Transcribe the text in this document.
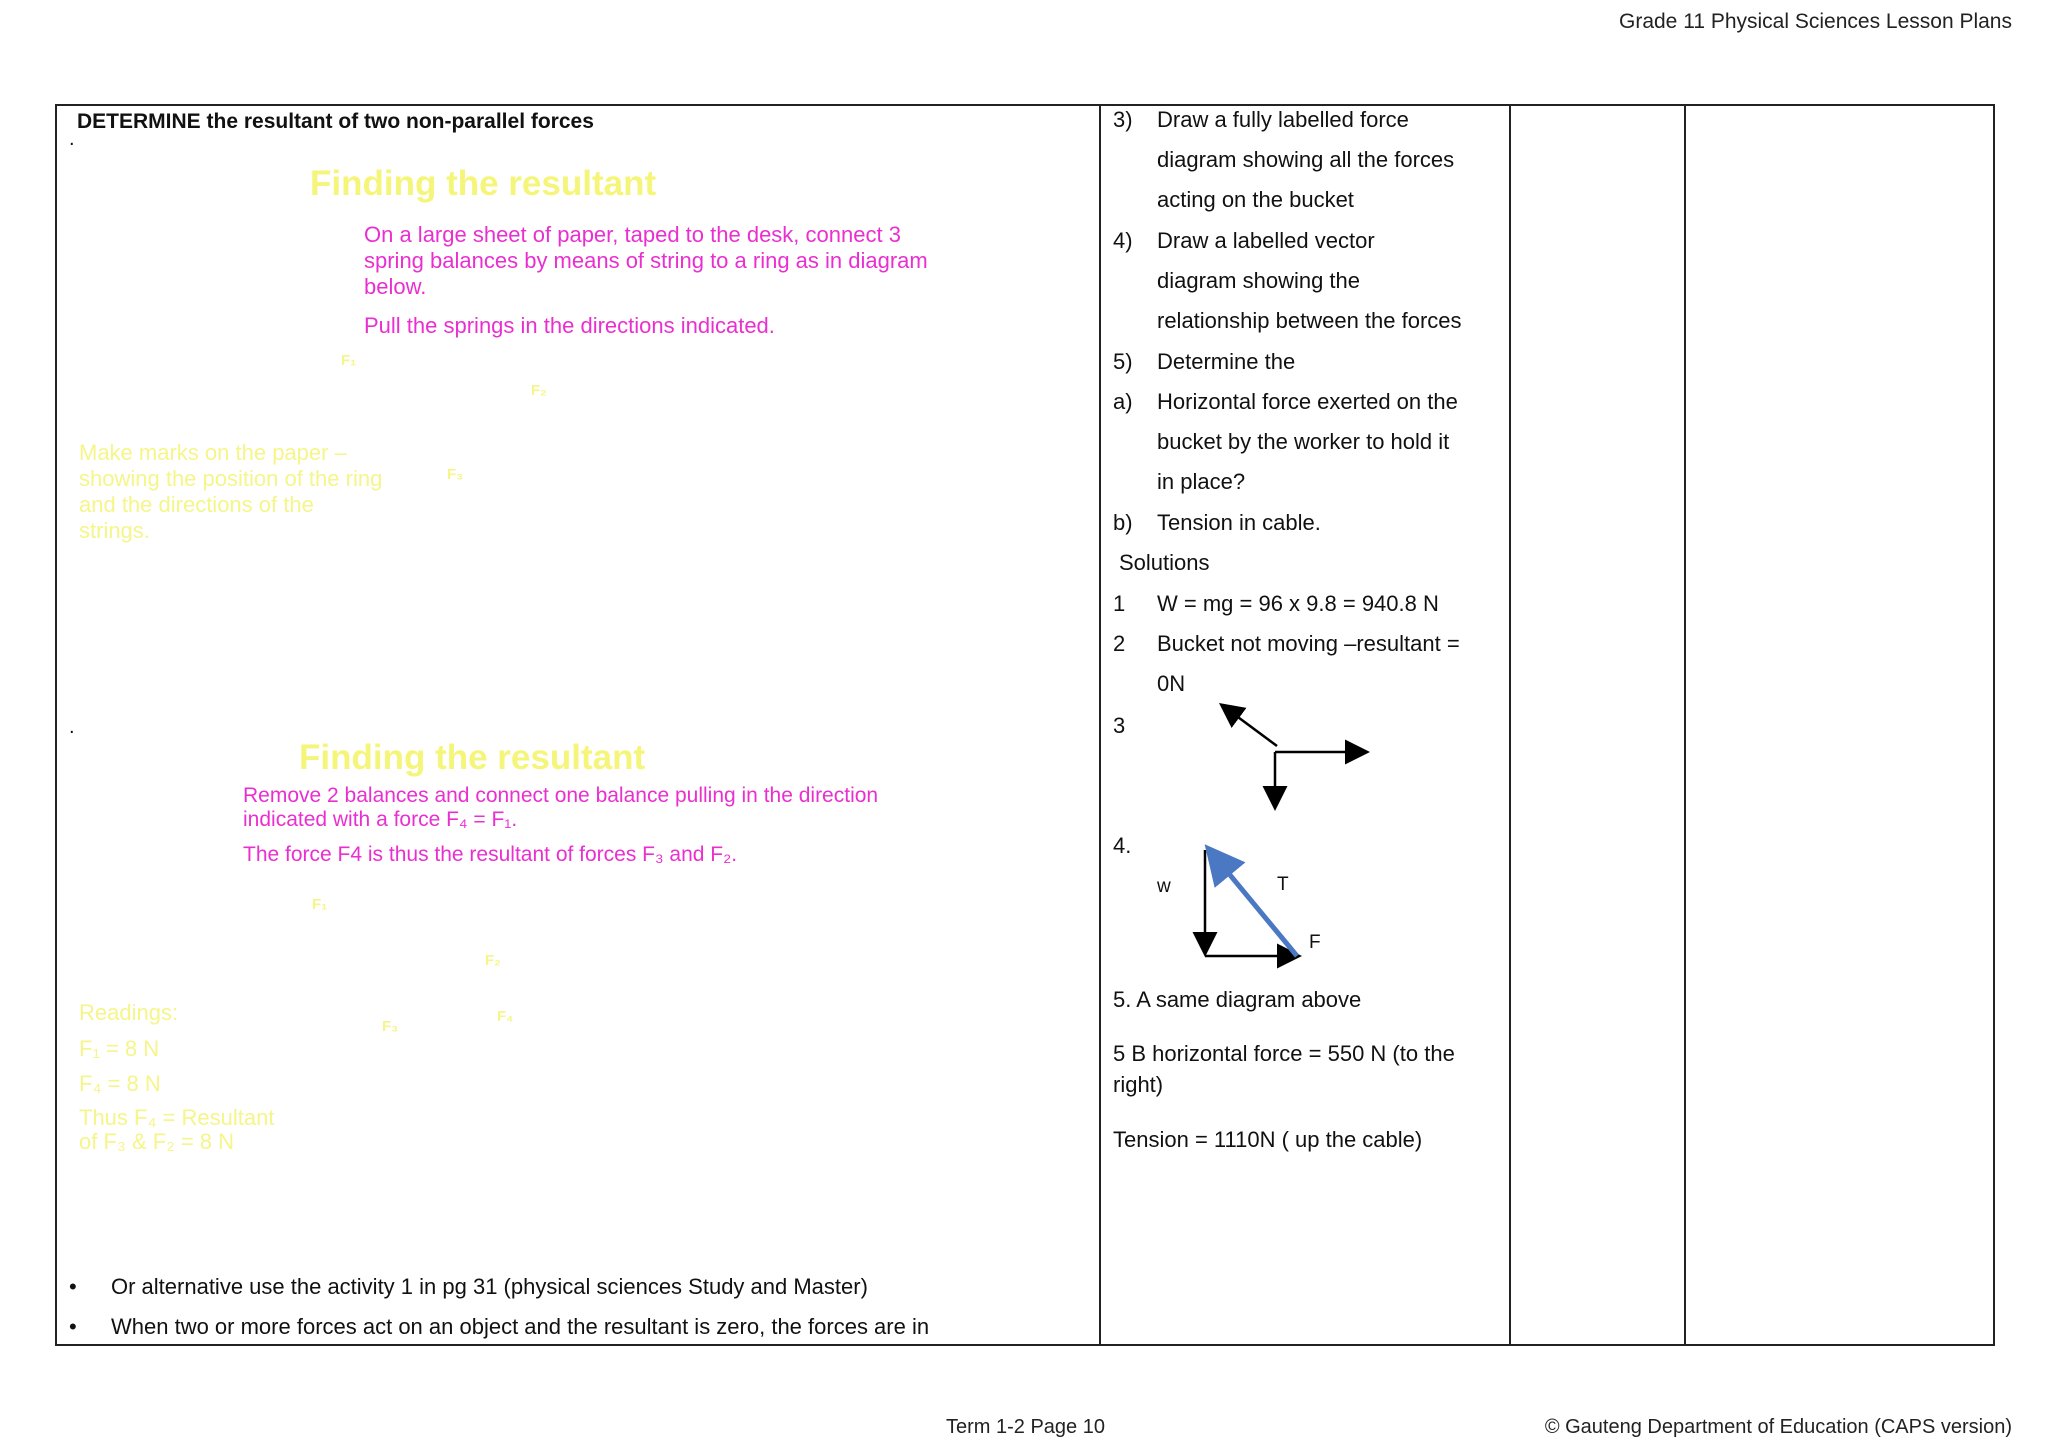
Grade 11 Physical Sciences Lesson Plans
DETERMINE the resultant of two non-parallel forces
.
Finding the resultant
On a large sheet of paper, taped to the desk, connect 3 spring balances by means of string to a ring as in diagram below.
Pull the springs in the directions indicated.
F₁
F₂
F₃
Make marks on the paper – showing the position of the ring and the directions of the strings.
.
Finding the resultant
Remove 2 balances and connect one balance pulling in the direction indicated with a force F₄ = F₁.
The force F4 is thus the resultant of forces F₃ and F₂.
F₁
F₂
F₃
F₄
Readings:
F₁ = 8 N
F₄ = 8 N
Thus F₄ = Resultant of F₃ & F₂ = 8 N
• Or alternative use the activity 1 in pg 31 (physical sciences Study and Master)
• When two or more forces act on an object and the resultant is zero, the forces are in
3) Draw a fully labelled force
diagram showing all the forces
acting on the bucket
4) Draw a labelled vector
diagram showing the
relationship between the forces
5) Determine the
a) Horizontal force exerted on the
bucket by the worker to hold it
in place?
b) Tension in cable.
Solutions
1 W = mg = 96 x 9.8 = 940.8 N
2 Bucket not moving –resultant =
0N
3
4.
w	T
F
5. A same diagram above
5 B horizontal force = 550 N (to the right)
Tension = 1110N ( up the cable)
Term 1-2 Page 10	© Gauteng Department of Education (CAPS version)
